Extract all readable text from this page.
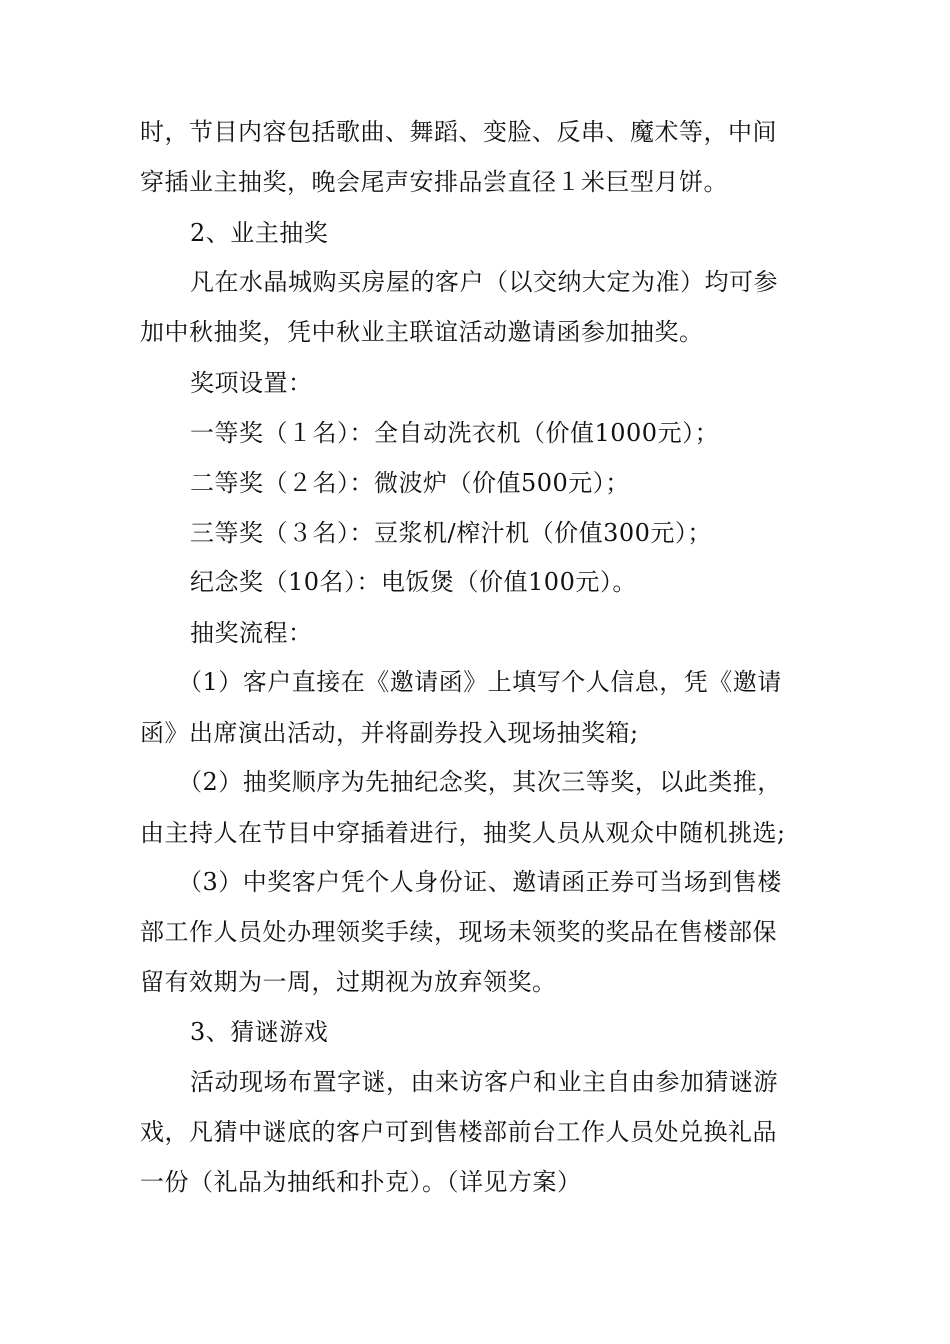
时，节目内容包括歌曲、舞蹈、变脸、反串、魔术等，中间
穿插业主抽奖，晚会尾声安排品尝直径１米巨型月饼。
2、业主抽奖
凡在水晶城购买房屋的客户（以交纳大定为准）均可参
加中秋抽奖，凭中秋业主联谊活动邀请函参加抽奖。
奖项设置：
一等奖（１名）：全自动洗衣机（价值1000元）；
二等奖（２名）：微波炉（价值500元）；
三等奖（３名）：豆浆机/榨汁机（价值300元）；
纪念奖（10名）：电饭煲（价值100元）。
抽奖流程：
（1）客户直接在《邀请函》上填写个人信息，凭《邀请
函》出席演出活动，并将副券投入现场抽奖箱;
（2）抽奖顺序为先抽纪念奖，其次三等奖，以此类推，
由主持人在节目中穿插着进行，抽奖人员从观众中随机挑选;
（3）中奖客户凭个人身份证、邀请函正券可当场到售楼
部工作人员处办理领奖手续，现场未领奖的奖品在售楼部保
留有效期为一周，过期视为放弃领奖。
3、猜谜游戏
活动现场布置字谜，由来访客户和业主自由参加猜谜游
戏，凡猜中谜底的客户可到售楼部前台工作人员处兑换礼品
一份（礼品为抽纸和扑克）。（详见方案）
